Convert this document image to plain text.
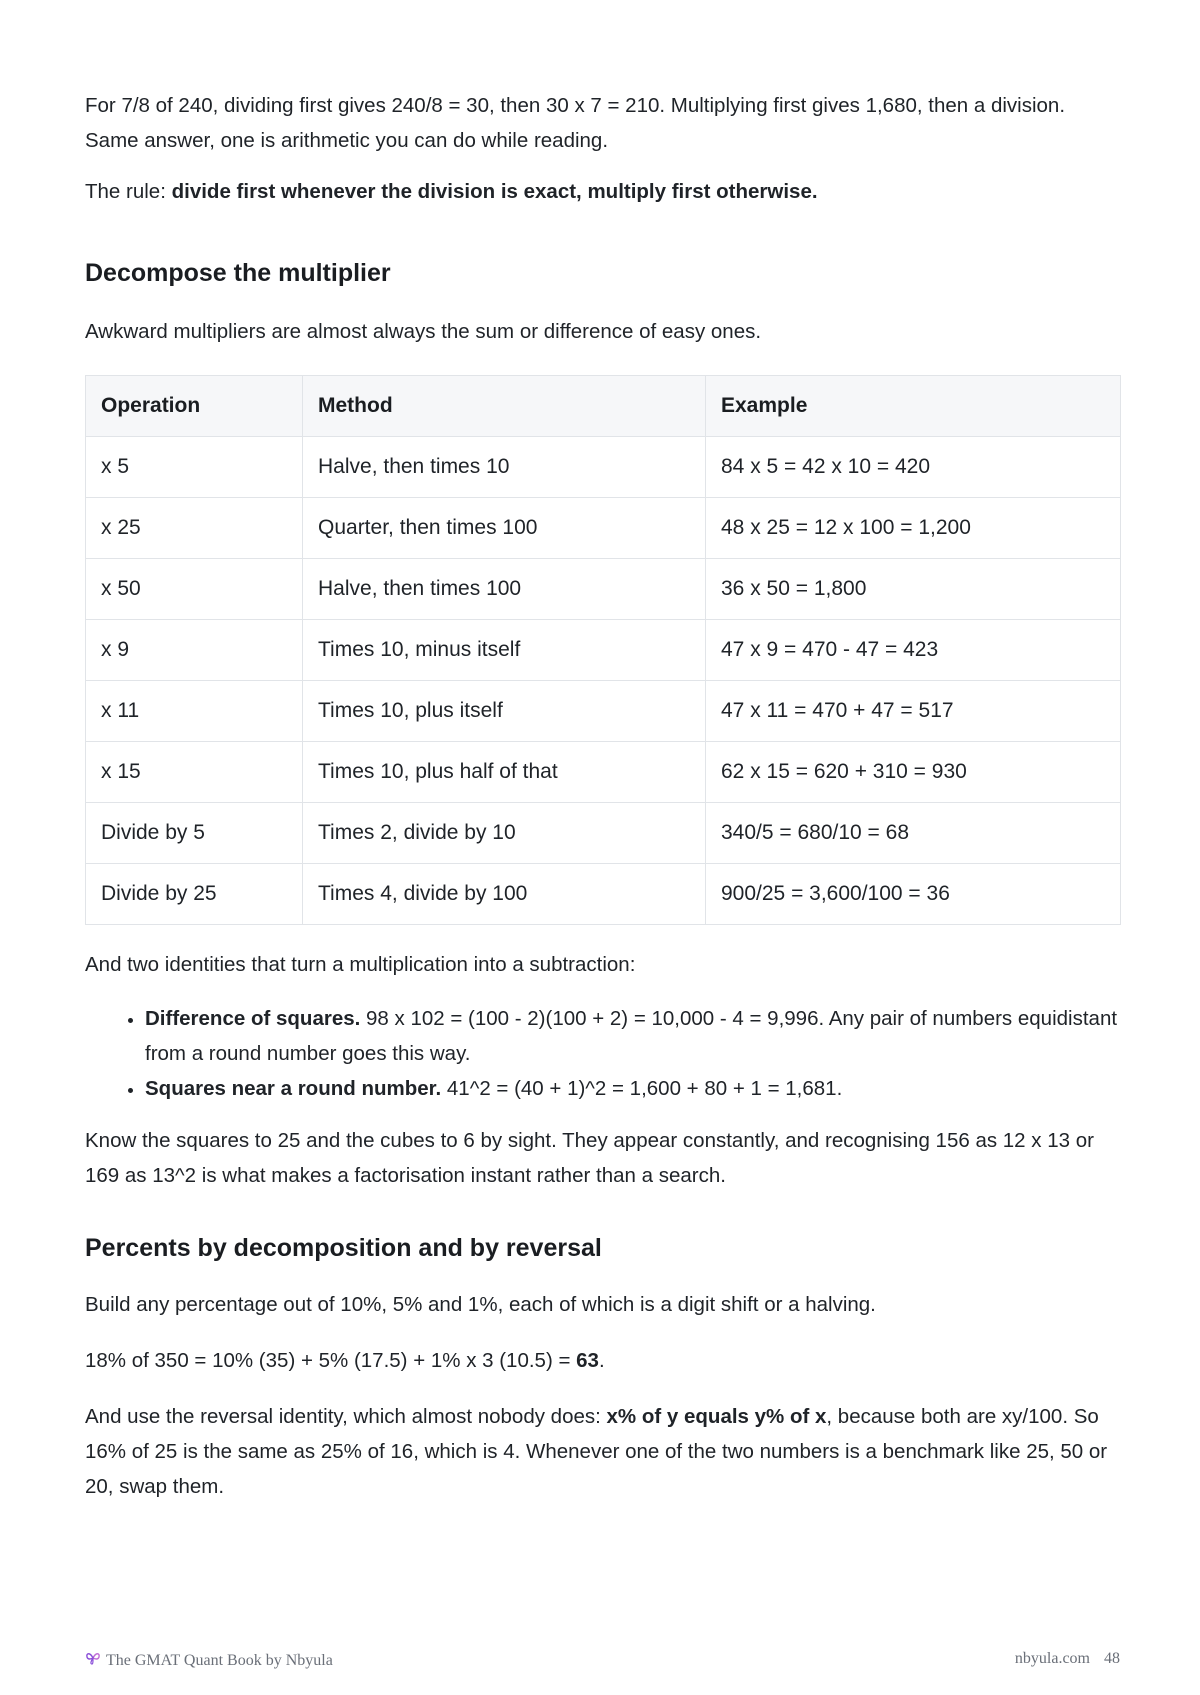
For 7/8 of 240, dividing first gives 240/8 = 30, then 30 x 7 = 210. Multiplying first gives 1,680, then a division. Same answer, one is arithmetic you can do while reading.

The rule: divide first whenever the division is exact, multiply first otherwise.

Decompose the multiplier

Awkward multipliers are almost always the sum or difference of easy ones.

Operation	Method	Example
x 5	Halve, then times 10	84 x 5 = 42 x 10 = 420
x 25	Quarter, then times 100	48 x 25 = 12 x 100 = 1,200
x 50	Halve, then times 100	36 x 50 = 1,800
x 9	Times 10, minus itself	47 x 9 = 470 - 47 = 423
x 11	Times 10, plus itself	47 x 11 = 470 + 47 = 517
x 15	Times 10, plus half of that	62 x 15 = 620 + 310 = 930
Divide by 5	Times 2, divide by 10	340/5 = 680/10 = 68
Divide by 25	Times 4, divide by 100	900/25 = 3,600/100 = 36

And two identities that turn a multiplication into a subtraction:

• Difference of squares. 98 x 102 = (100 - 2)(100 + 2) = 10,000 - 4 = 9,996. Any pair of numbers equidistant from a round number goes this way.
• Squares near a round number. 41^2 = (40 + 1)^2 = 1,600 + 80 + 1 = 1,681.

Know the squares to 25 and the cubes to 6 by sight. They appear constantly, and recognising 156 as 12 x 13 or 169 as 13^2 is what makes a factorisation instant rather than a search.

Percents by decomposition and by reversal

Build any percentage out of 10%, 5% and 1%, each of which is a digit shift or a halving.

18% of 350 = 10% (35) + 5% (17.5) + 1% x 3 (10.5) = 63.

And use the reversal identity, which almost nobody does: x% of y equals y% of x, because both are xy/100. So 16% of 25 is the same as 25% of 16, which is 4. Whenever one of the two numbers is a benchmark like 25, 50 or 20, swap them.

The GMAT Quant Book by Nbyula	nbyula.com 48
